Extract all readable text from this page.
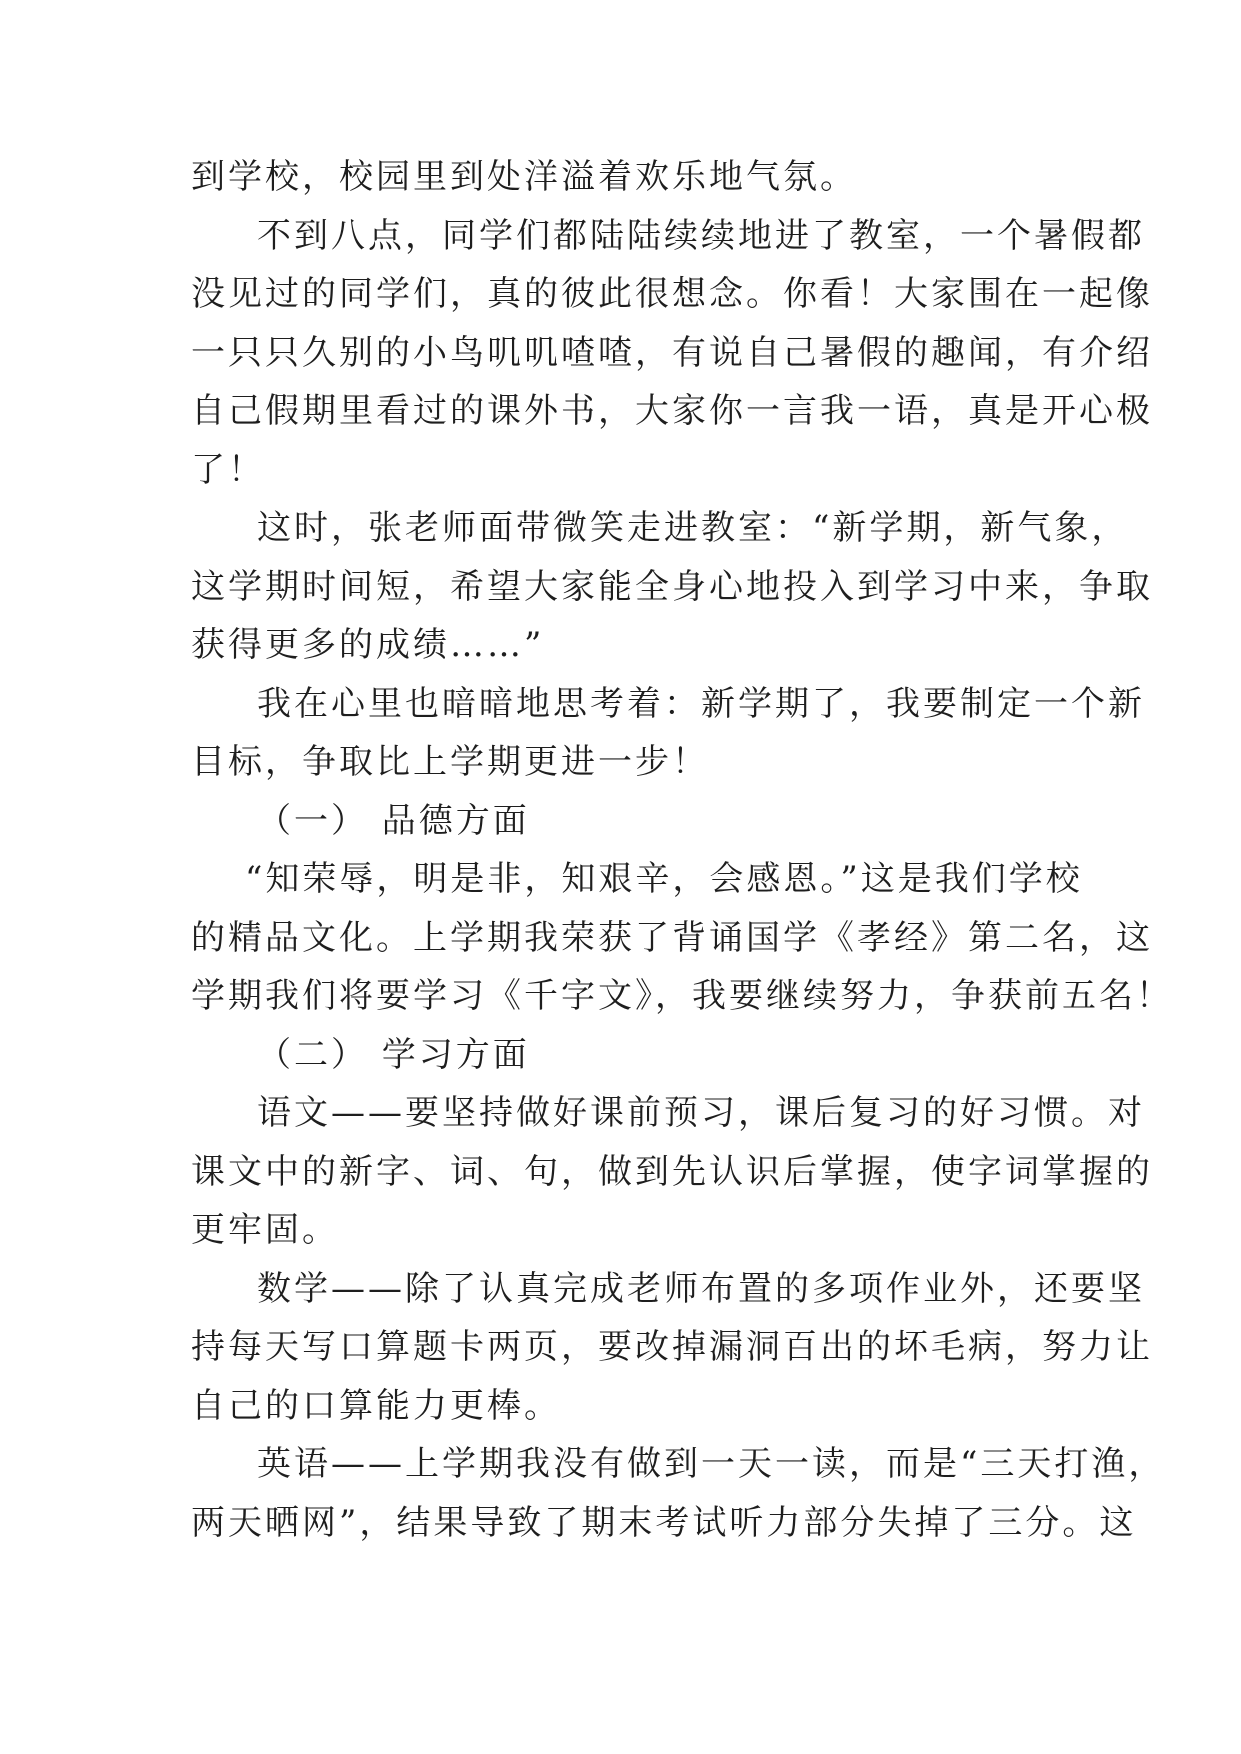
到学校，校园里到处洋溢着欢乐地气氛。
不到八点，同学们都陆陆续续地进了教室，一个暑假都
没见过的同学们，真的彼此很想念。你看！大家围在一起像
一只只久别的小鸟叽叽喳喳，有说自己暑假的趣闻，有介绍
自己假期里看过的课外书，大家你一言我一语，真是开心极
了！
这时，张老师面带微笑走进教室：“新学期，新气象，
这学期时间短，希望大家能全身心地投入到学习中来，争取
获得更多的成绩……”
我在心里也暗暗地思考着：新学期了，我要制定一个新
目标，争取比上学期更进一步！
（一） 品德方面
“知荣辱，明是非，知艰辛，会感恩。”这是我们学校
的精品文化。上学期我荣获了背诵国学《孝经》第二名，这
学期我们将要学习《千字文》，我要继续努力，争获前五名！
（二） 学习方面
语文——要坚持做好课前预习，课后复习的好习惯。对
课文中的新字、词、句，做到先认识后掌握，使字词掌握的
更牢固。
数学——除了认真完成老师布置的多项作业外，还要坚
持每天写口算题卡两页，要改掉漏洞百出的坏毛病，努力让
自己的口算能力更棒。
英语——上学期我没有做到一天一读，而是“三天打渔，
两天晒网”，结果导致了期末考试听力部分失掉了三分。这
